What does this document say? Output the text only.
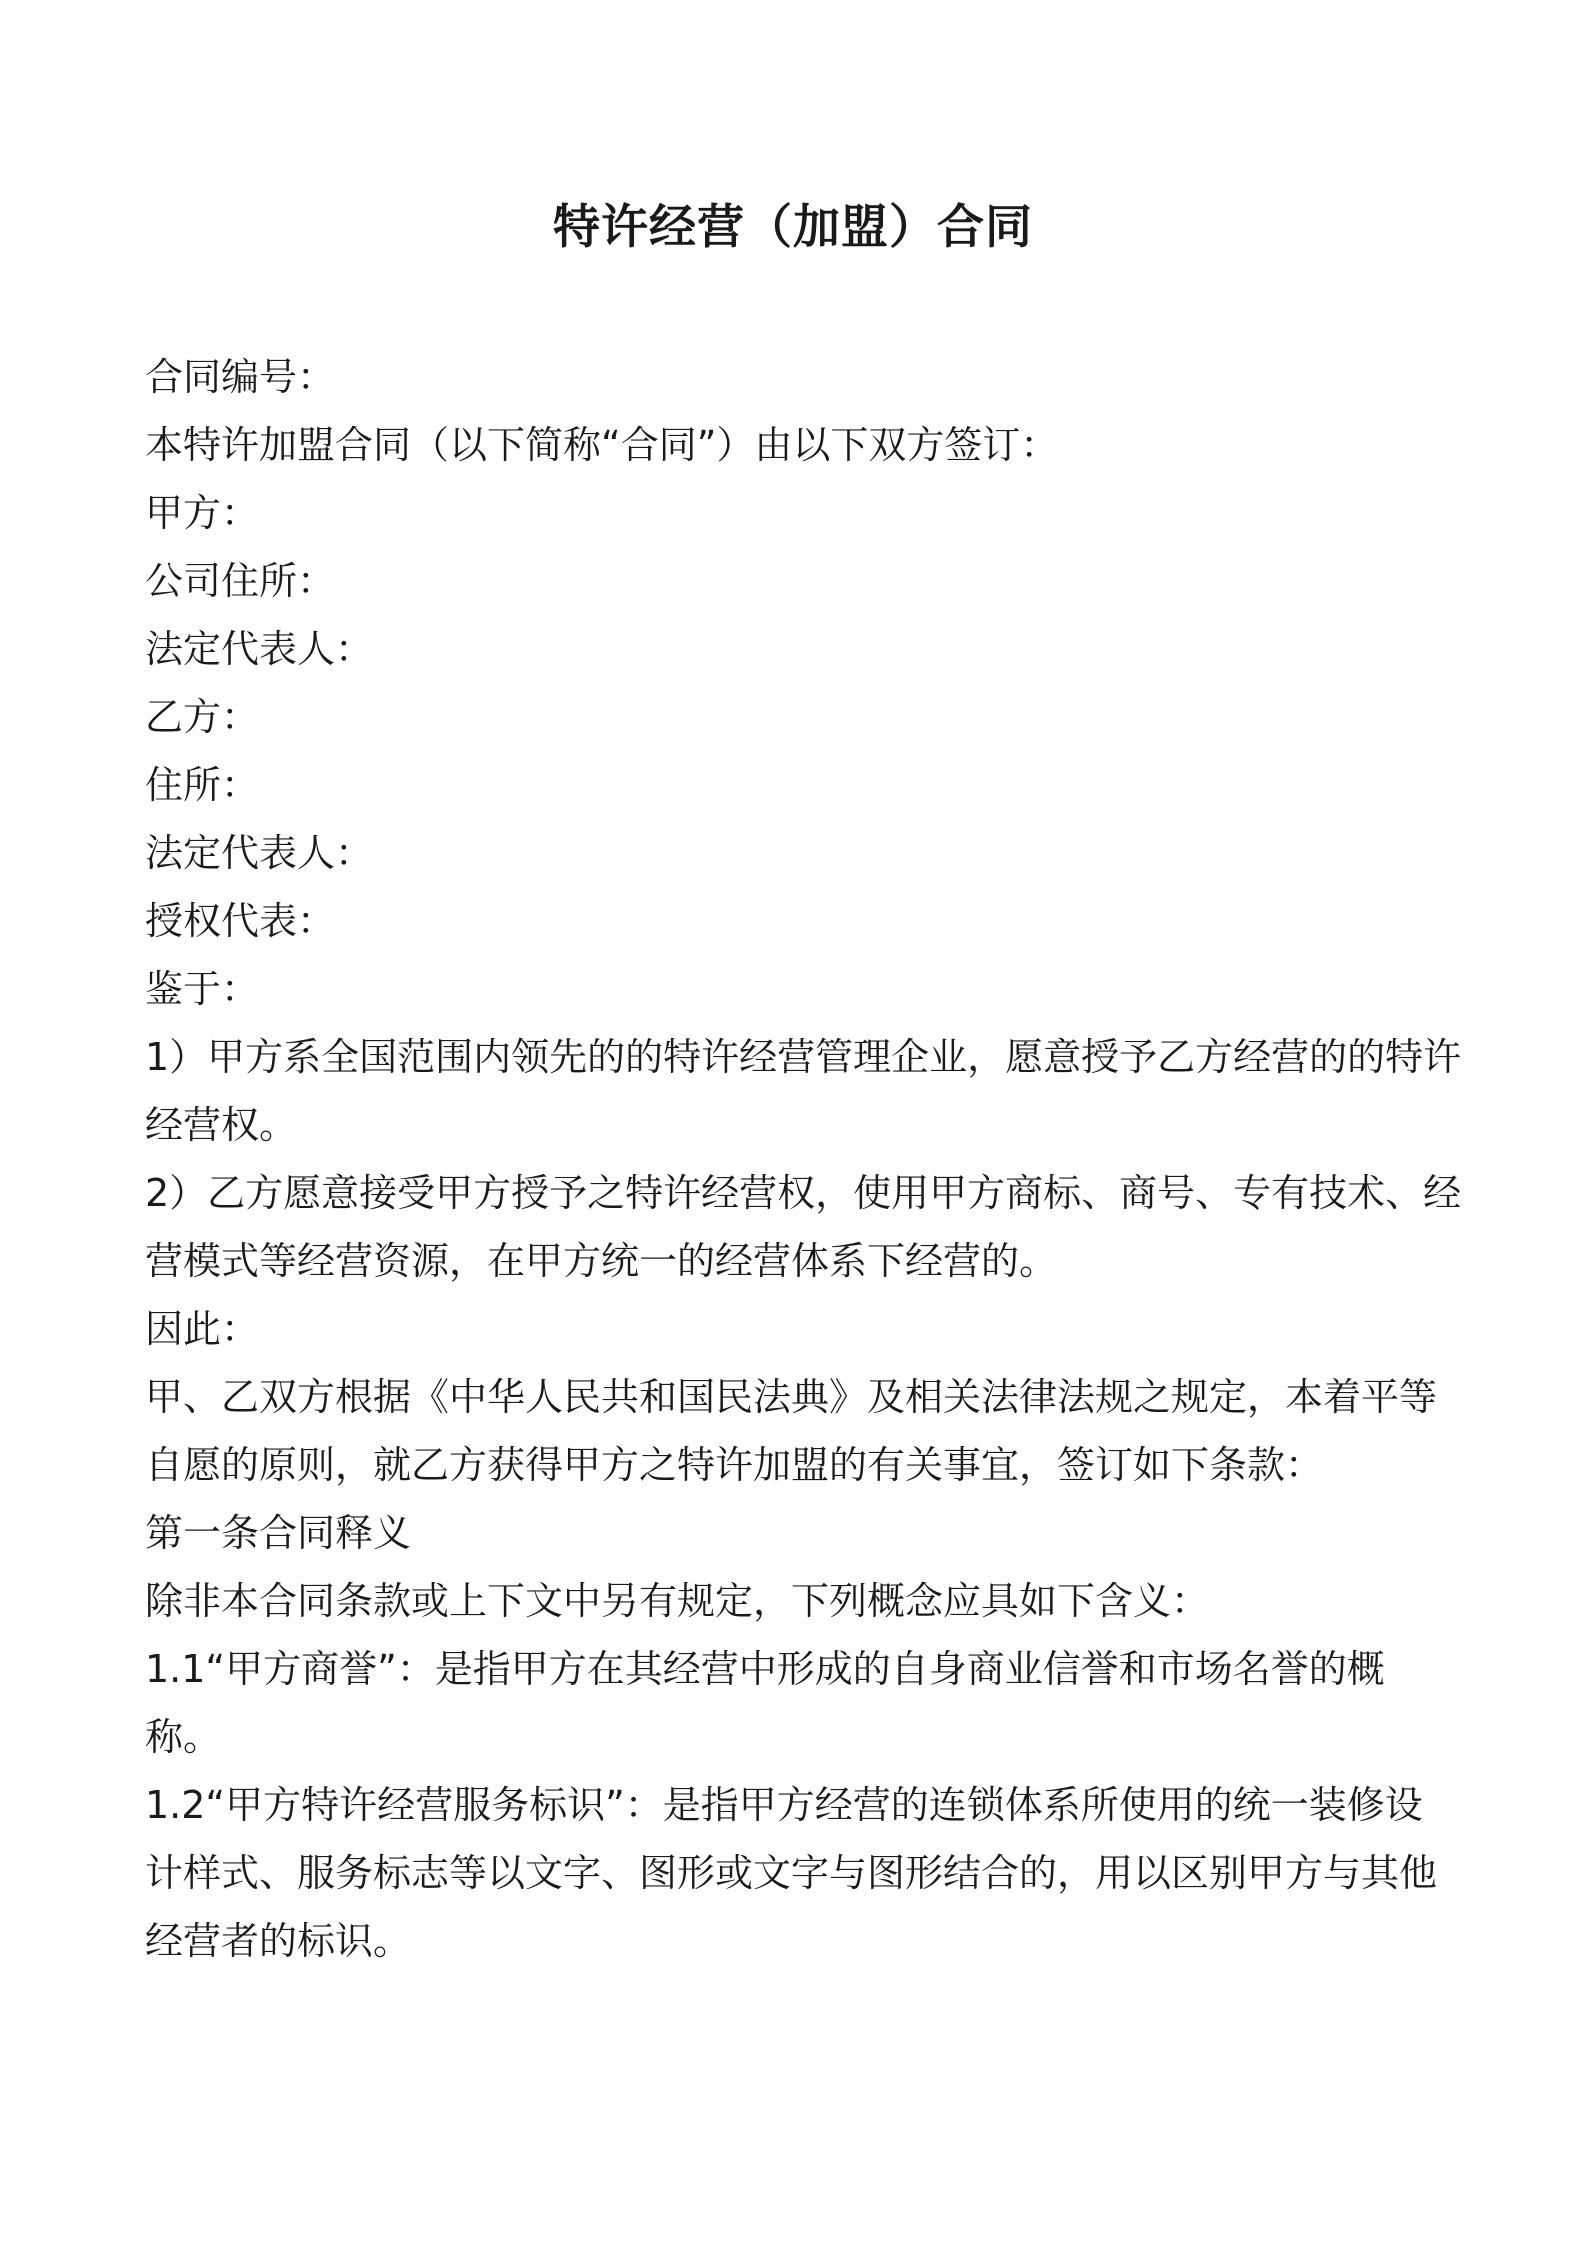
特许经营（加盟）合同

合同编号：

本特许加盟合同（以下简称“合同”）由以下双方签订：

甲方：

公司住所：

法定代表人：

乙方：

住所：

法定代表人：

授权代表：

鉴于：

1）甲方系全国范围内领先的的特许经营管理企业，愿意授予乙方经营的的特许

经营权。

2）乙方愿意接受甲方授予之特许经营权，使用甲方商标、商号、专有技术、经

营模式等经营资源，在甲方统一的经营体系下经营的。

因此：

甲、乙双方根据《中华人民共和国民法典》及相关法律法规之规定，本着平等

自愿的原则，就乙方获得甲方之特许加盟的有关事宜，签订如下条款：

第一条合同释义

除非本合同条款或上下文中另有规定，下列概念应具如下含义：

1.1“甲方商誉”：是指甲方在其经营中形成的自身商业信誉和市场名誉的概

称。

1.2“甲方特许经营服务标识”：是指甲方经营的连锁体系所使用的统一装修设

计样式、服务标志等以文字、图形或文字与图形结合的，用以区别甲方与其他

经营者的标识。
